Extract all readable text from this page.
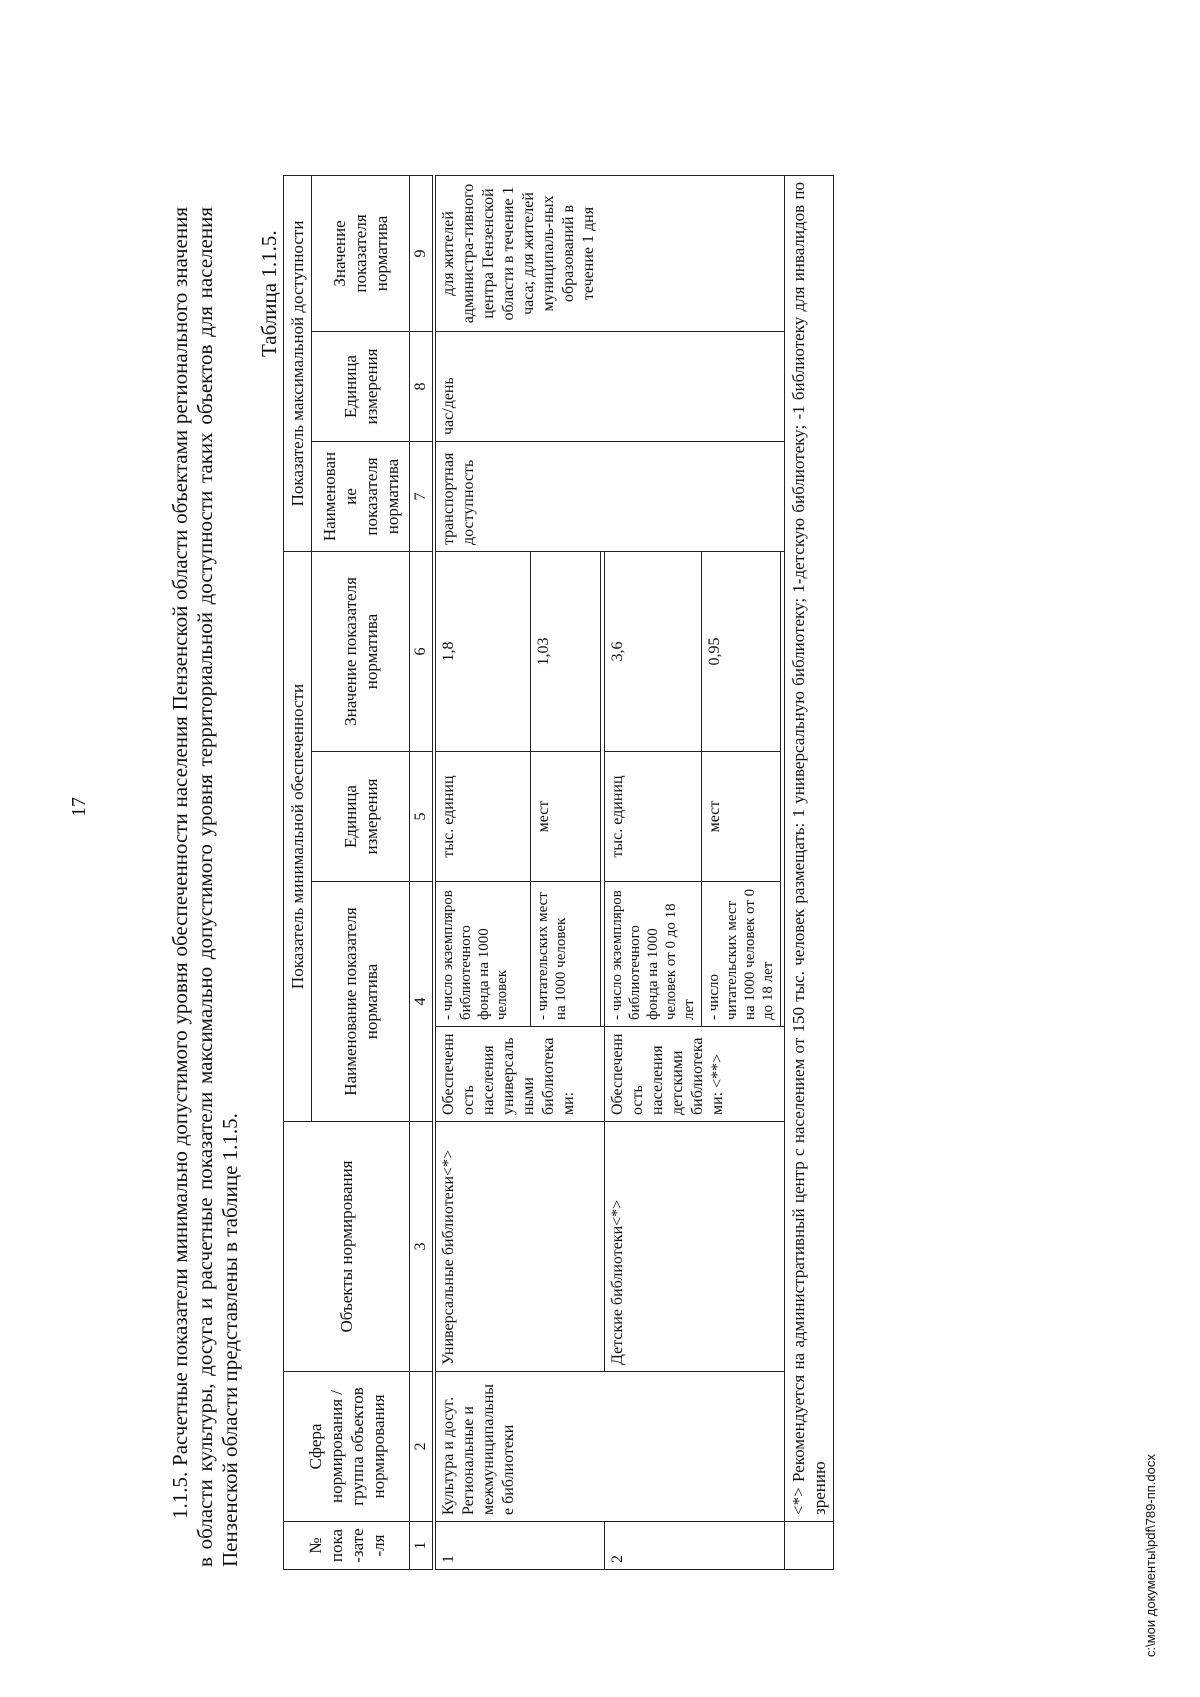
17	1.1.5. Расчетные показатели минимально допустимого уровня обеспеченности населения Пензенской области объектами регионального значения в области культуры, досуга и расчетные показатели максимально допустимого уровня территориальной доступности таких объектов для населения Пензенской области представлены в таблице 1.1.5.
Таблица 1.1.5.
№ пока-зате-ля	Сфера нормирования / группа объектов нормирования	Объекты нормирования	Показатель минимальной обеспеченности				Показатель максимальной доступности		
			Наименование показателя норматива		Единица измерения	Значение показателя норматива	Наименование показателя норматива	Единица измерения	Значение показателя норматива
1	2	3	4		5	6	7	8	9
1	Культура и досуг. Региональные и межмуниципальные библиотеки	Универсальные библиотеки<*>	Обеспеченность населения универсальными библиотеками:	- число экземпляров библиотечного фонда на 1000 человек	тыс. единиц	1,8	транспортная доступность	час/день	для жителей администра-тивного центра Пензенской области в течение 1 часа; для жителей муниципаль-ных образований в течение 1 дня
				- читательских мест на 1000 человек	мест	1,03			

2		Детские библиотеки<*>	Обеспеченность населения детскими библиотеками: <**>	- число экземпляров библиотечного фонда на 1000 человек от 0 до 18 лет	тыс. единиц	3,6			
				- число читательских мест на 1000 человек от 0 до 18 лет	мест	0,95			

	<*> Рекомендуется на административный центр с населением от 150 тыс. человек размещать: 1 универсальную библиотеку; 1-детскую библиотеку; -1 библиотеку для инвалидов по зрению									c:\мои документы\pdf\789-пп.docx
